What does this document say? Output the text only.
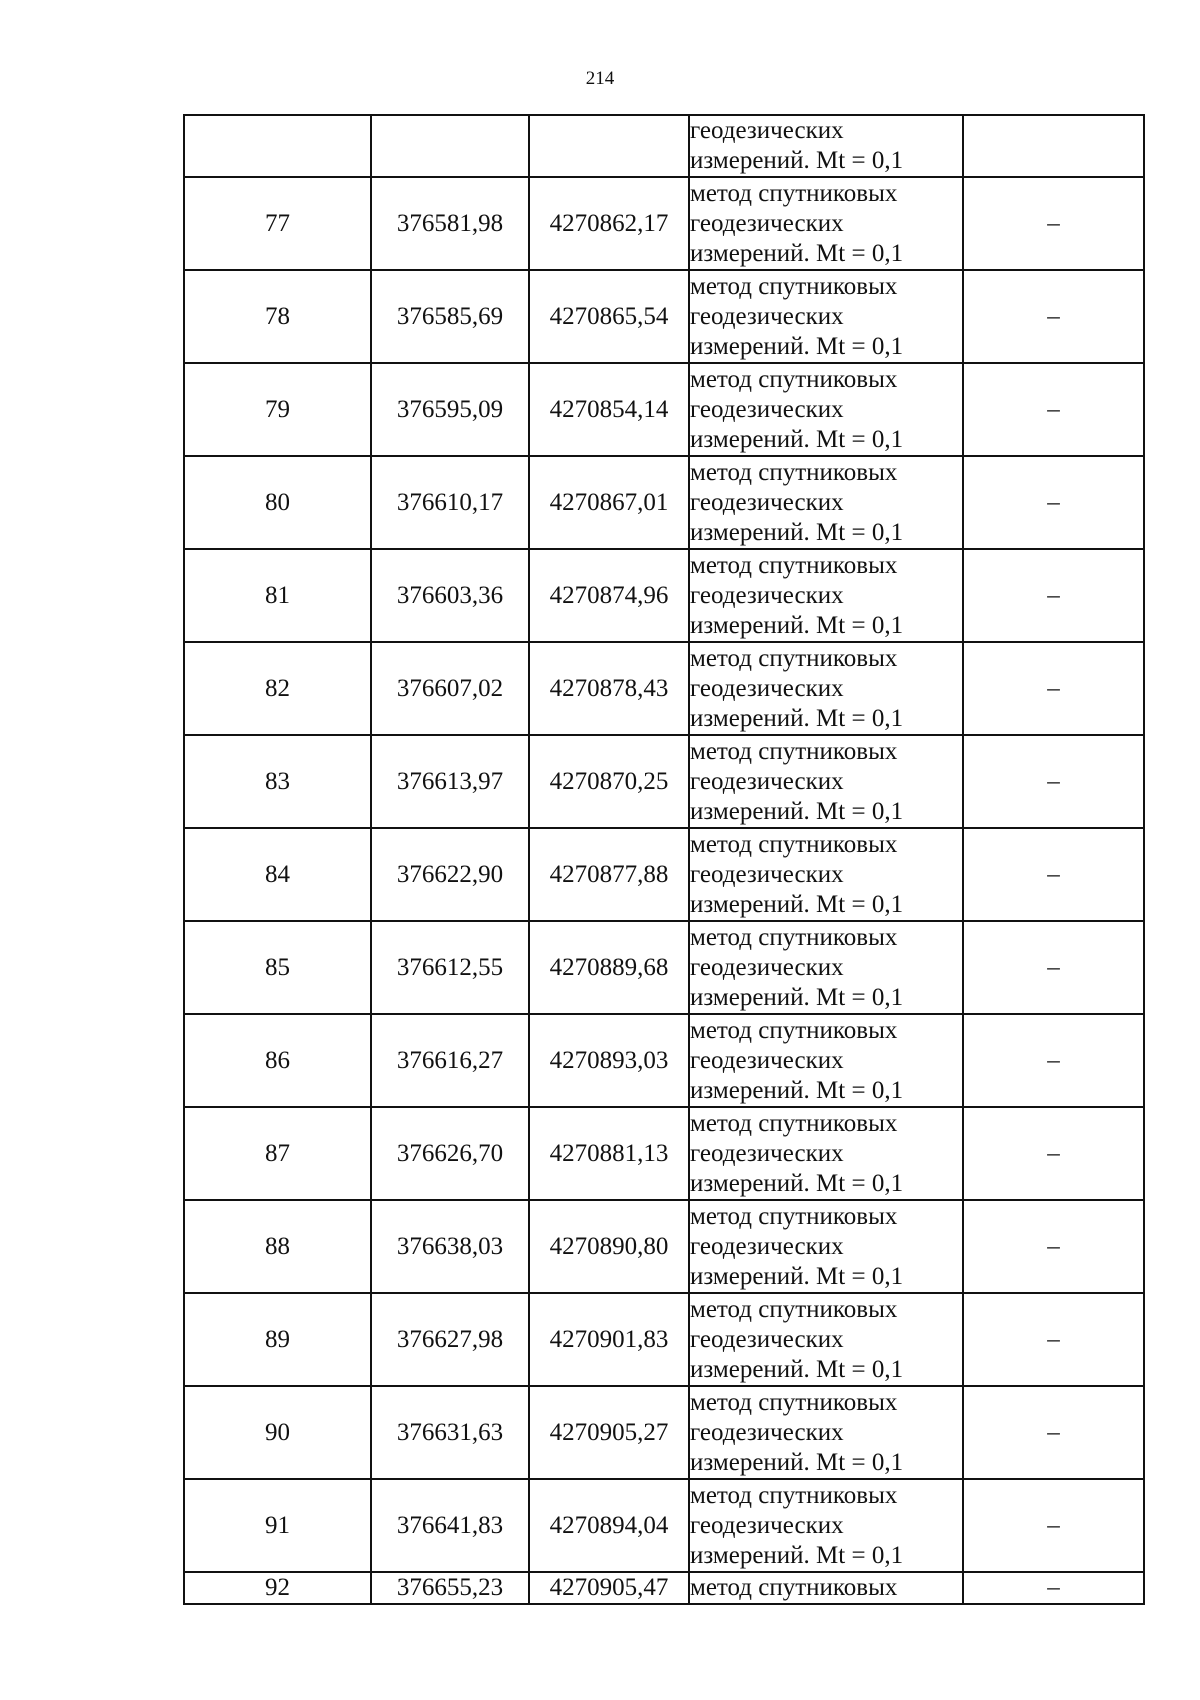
214

			геодезических
измерений. Mt = 0,1	

77	376581,98	4270862,17	метод спутниковых
геодезических
измерений. Mt = 0,1	–
78	376585,69	4270865,54	метод спутниковых
геодезических
измерений. Mt = 0,1	–
79	376595,09	4270854,14	метод спутниковых
геодезических
измерений. Mt = 0,1	–
80	376610,17	4270867,01	метод спутниковых
геодезических
измерений. Mt = 0,1	–
81	376603,36	4270874,96	метод спутниковых
геодезических
измерений. Mt = 0,1	–
82	376607,02	4270878,43	метод спутниковых
геодезических
измерений. Mt = 0,1	–
83	376613,97	4270870,25	метод спутниковых
геодезических
измерений. Mt = 0,1	–
84	376622,90	4270877,88	метод спутниковых
геодезических
измерений. Mt = 0,1	–
85	376612,55	4270889,68	метод спутниковых
геодезических
измерений. Mt = 0,1	–
86	376616,27	4270893,03	метод спутниковых
геодезических
измерений. Mt = 0,1	–
87	376626,70	4270881,13	метод спутниковых
геодезических
измерений. Mt = 0,1	–
88	376638,03	4270890,80	метод спутниковых
геодезических
измерений. Mt = 0,1	–
89	376627,98	4270901,83	метод спутниковых
геодезических
измерений. Mt = 0,1	–
90	376631,63	4270905,27	метод спутниковых
геодезических
измерений. Mt = 0,1	–
91	376641,83	4270894,04	метод спутниковых
геодезических
измерений. Mt = 0,1	–
92	376655,23	4270905,47	метод спутниковых	–
